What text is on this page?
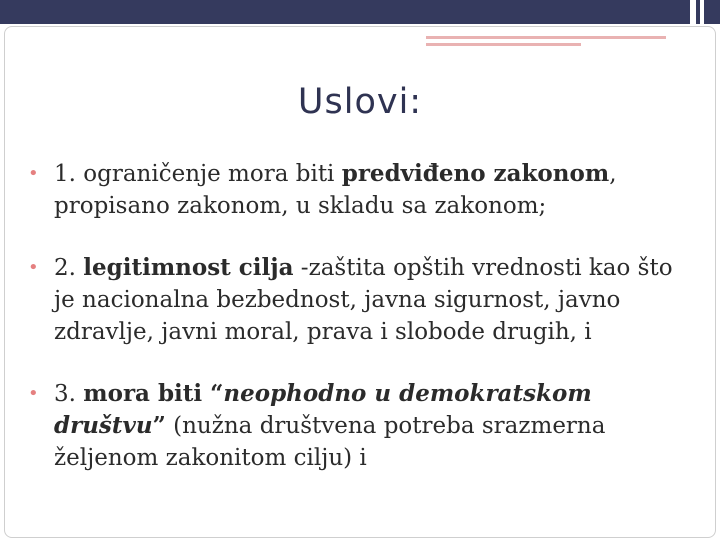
Uslovi:
• 1. ograničenje mora biti predviđeno zakonom, propisano zakonom, u skladu sa zakonom;
• 2. legitimnost cilja -zaštita opštih vrednosti kao što je nacionalna bezbednost, javna sigurnost, javno zdravlje, javni moral, prava i slobode drugih, i
• 3. mora biti “neophodno u demokratskom društvu” (nužna društvena potreba srazmerna željenom zakonitom cilju) i
